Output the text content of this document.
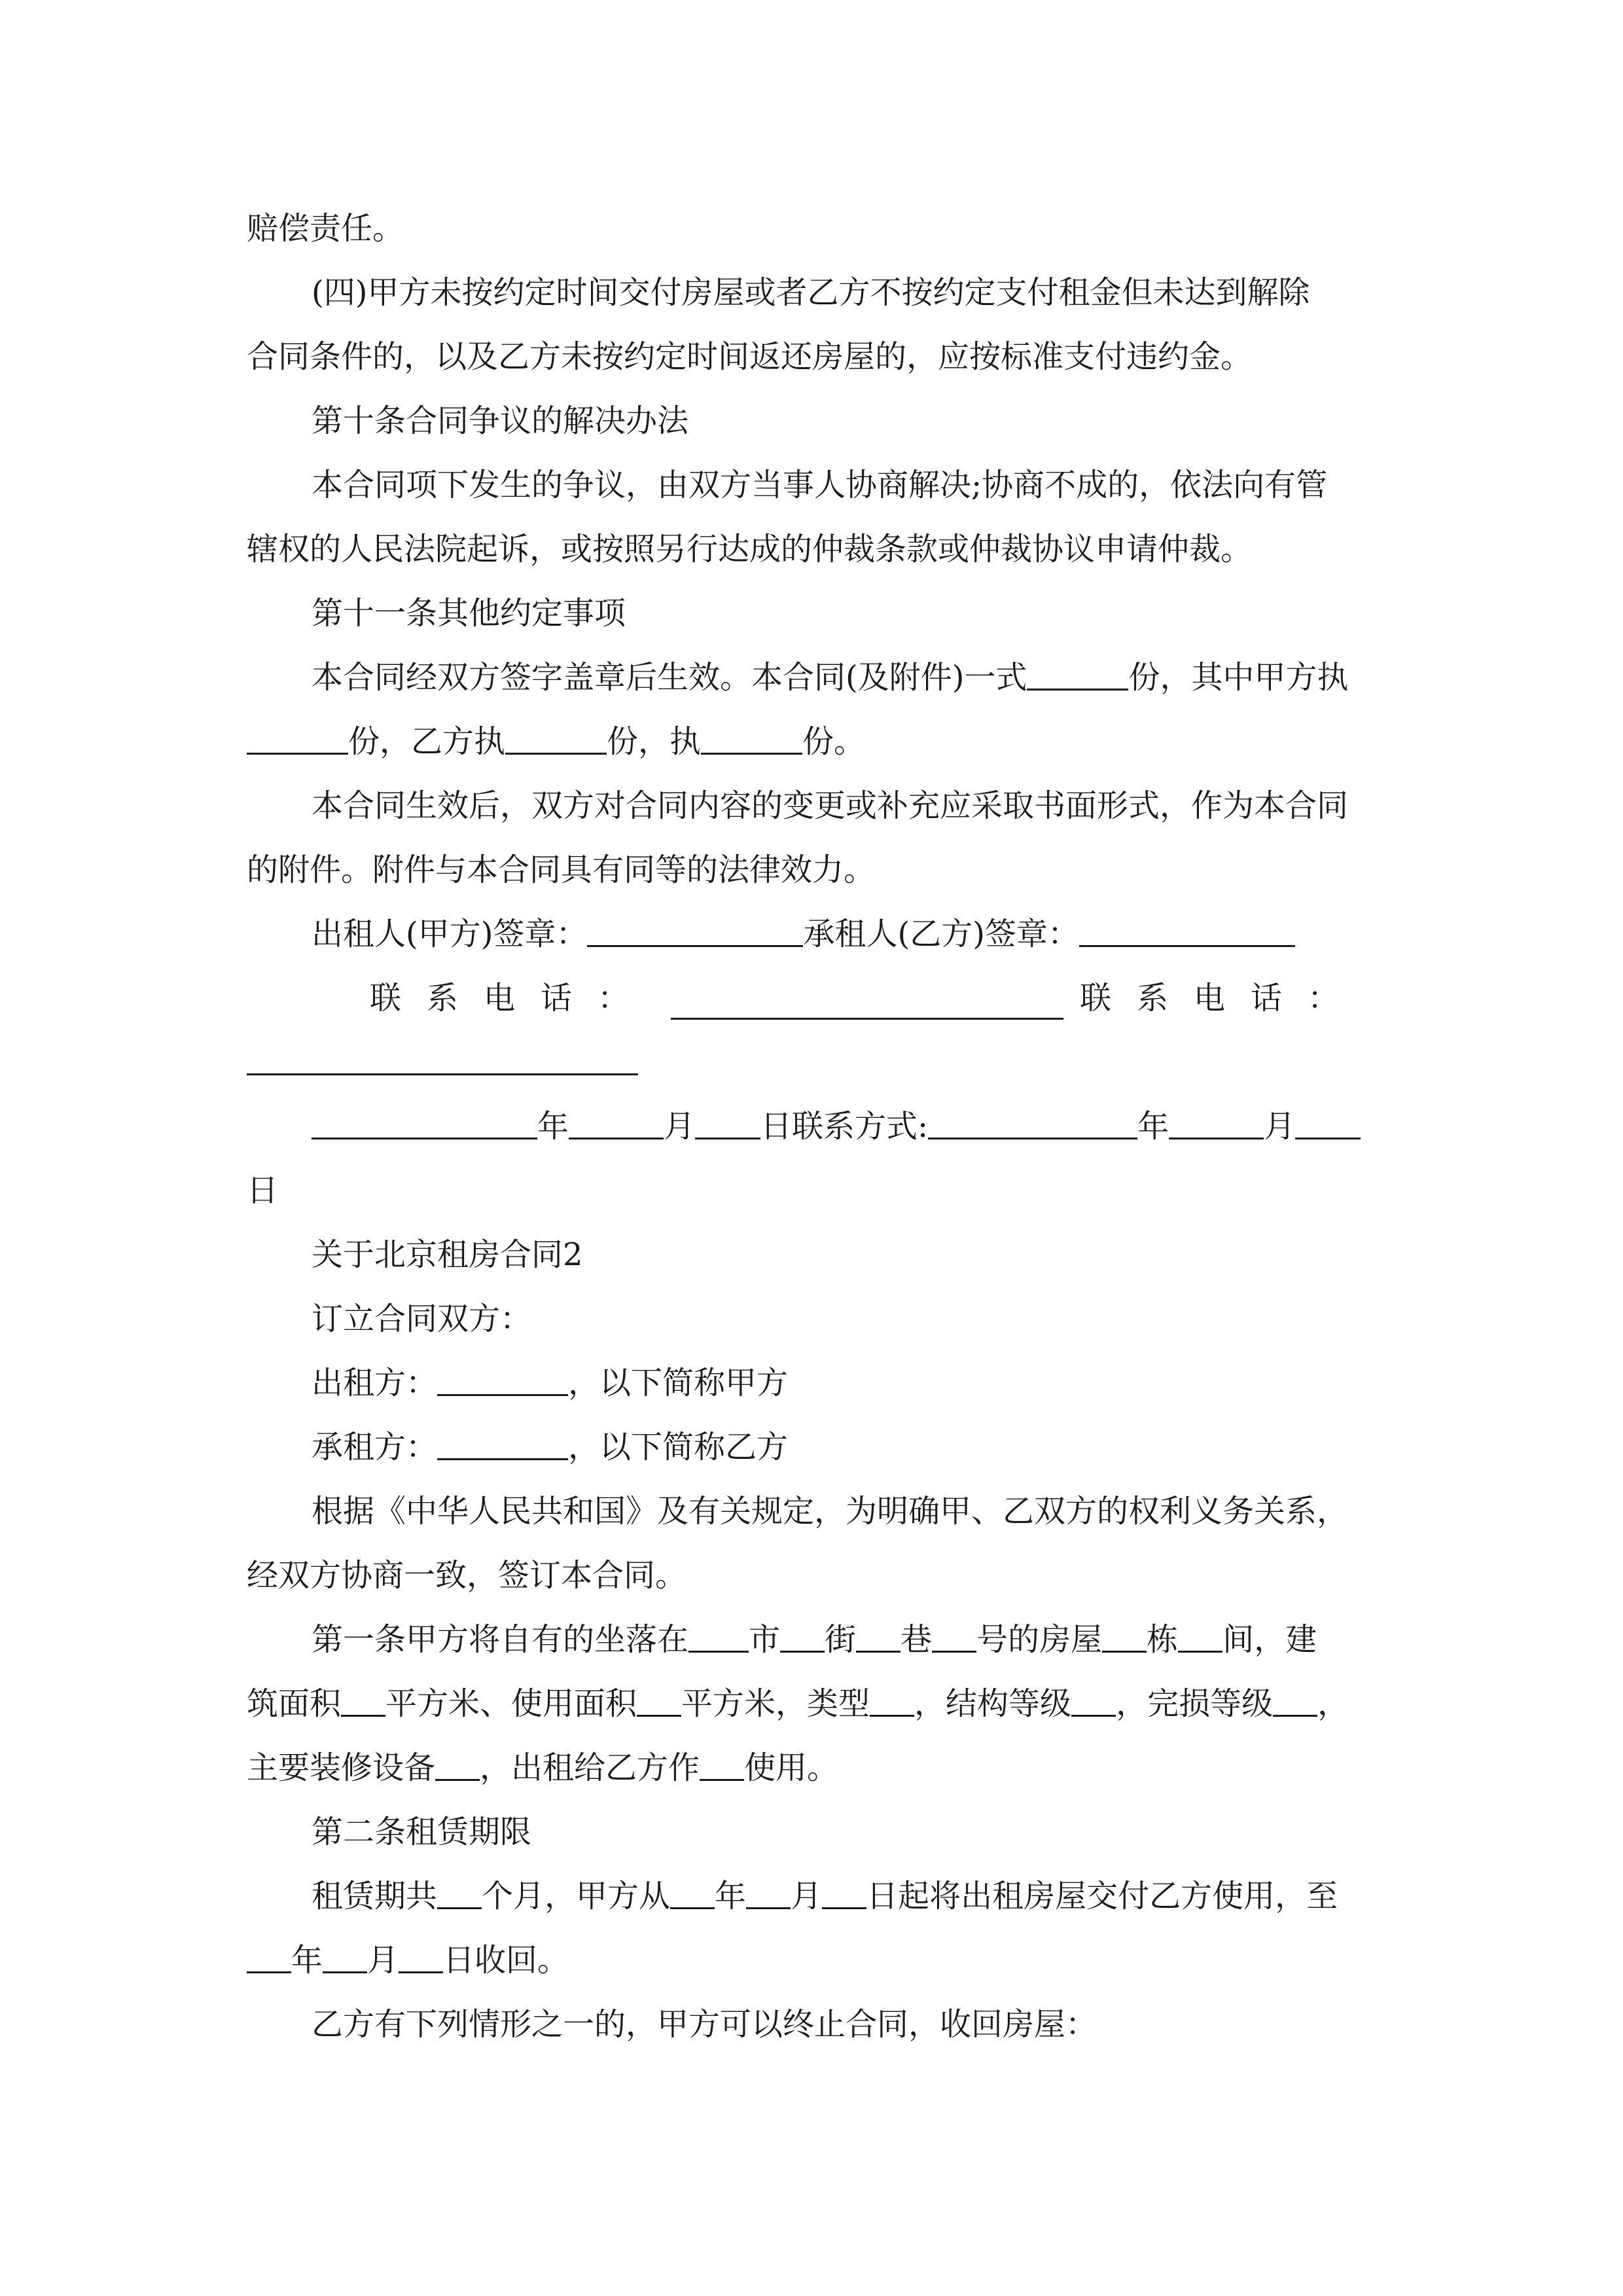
赔偿责任。
(四)甲方未按约定时间交付房屋或者乙方不按约定支付租金但未达到解除
合同条件的，以及乙方未按约定时间返还房屋的，应按标准支付违约金。
第十条合同争议的解决办法
本合同项下发生的争议，由双方当事人协商解决;协商不成的，依法向有管
辖权的人民法院起诉，或按照另行达成的仲裁条款或仲裁协议申请仲裁。
第十一条其他约定事项
本合同经双方签字盖章后生效。本合同(及附件)一式	份，其中甲方执
份，乙方执	份，执	份。
本合同生效后，双方对合同内容的变更或补充应采取书面形式，作为本合同
的附件。附件与本合同具有同等的法律效力。
出租人(甲方)签章：	承租人(乙方)签章：
联系电话：	联系电话：
年	月 日联系方式:	年	月
日
关于北京租房合同2
订立合同双方：
出租方：	，以下简称甲方
承租方：	，以下简称乙方
根据《中华人民共和国》及有关规定，为明确甲、乙双方的权利义务关系，
经双方协商一致，签订本合同。
第一条甲方将自有的坐落在 市 街 巷 号的房屋 栋 间，建
筑面积 平方米、使用面积 平方米，类型 ，结构等级 ，完损等级 ，
主要装修设备 ，出租给乙方作 使用。
第二条租赁期限
租赁期共 个月，甲方从 年 月 日起将出租房屋交付乙方使用，至
年 月 日收回。
乙方有下列情形之一的，甲方可以终止合同，收回房屋：
